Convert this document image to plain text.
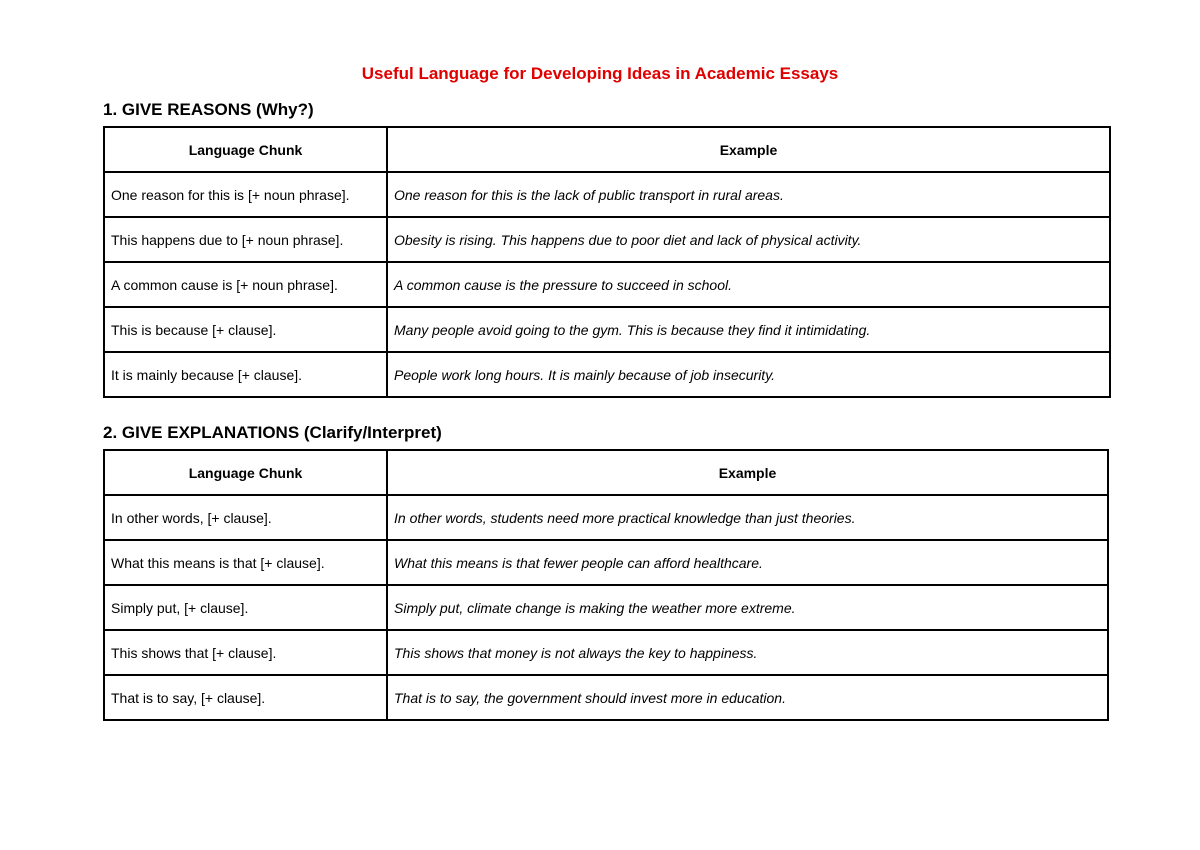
Useful Language for Developing Ideas in Academic Essays
1. GIVE REASONS (Why?)
Language Chunk	Example
One reason for this is [+ noun phrase].	One reason for this is the lack of public transport in rural areas.
This happens due to [+ noun phrase].	Obesity is rising. This happens due to poor diet and lack of physical activity.
A common cause is [+ noun phrase].	A common cause is the pressure to succeed in school.
This is because [+ clause].	Many people avoid going to the gym. This is because they find it intimidating.
It is mainly because [+ clause].	People work long hours. It is mainly because of job insecurity.
2. GIVE EXPLANATIONS (Clarify/Interpret)
Language Chunk	Example
In other words, [+ clause].	In other words, students need more practical knowledge than just theories.
What this means is that [+ clause].	What this means is that fewer people can afford healthcare.
Simply put, [+ clause].	Simply put, climate change is making the weather more extreme.
This shows that [+ clause].	This shows that money is not always the key to happiness.
That is to say, [+ clause].	That is to say, the government should invest more in education.
